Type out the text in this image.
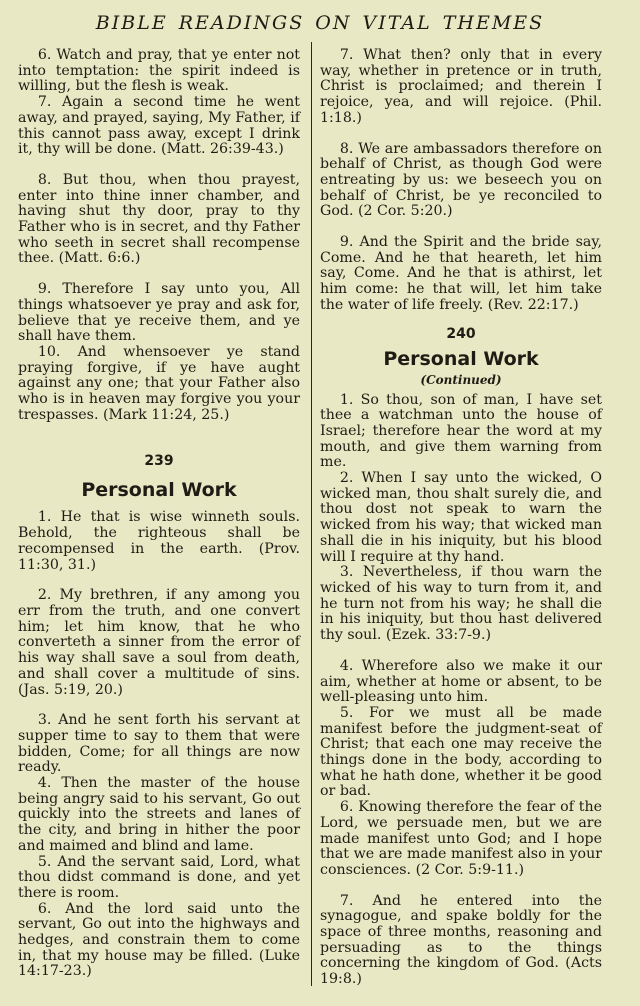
BIBLE READINGS ON VITAL THEMES

6. Watch and pray, that ye enter not into temptation: the spirit indeed is willing, but the flesh is weak.

7. Again a second time he went away, and prayed, saying, My Father, if this cannot pass away, except I drink it, thy will be done. (Matt. 26:39-43.)

8. But thou, when thou prayest, enter into thine inner chamber, and having shut thy door, pray to thy Father who is in secret, and thy Father who seeth in secret shall recompense thee. (Matt. 6:6.)

9. Therefore I say unto you, All things whatsoever ye pray and ask for, believe that ye receive them, and ye shall have them.

10. And whensoever ye stand praying forgive, if ye have aught against any one; that your Father also who is in heaven may forgive you your trespasses. (Mark 11:24, 25.)

239
Personal Work

1. He that is wise winneth souls. Behold, the righteous shall be recompensed in the earth. (Prov. 11:30, 31.)

2. My brethren, if any among you err from the truth, and one convert him; let him know, that he who converteth a sinner from the error of his way shall save a soul from death, and shall cover a multitude of sins. (Jas. 5:19, 20.)

3. And he sent forth his servant at supper time to say to them that were bidden, Come; for all things are now ready.

4. Then the master of the house being angry said to his servant, Go out quickly into the streets and lanes of the city, and bring in hither the poor and maimed and blind and lame.

5. And the servant said, Lord, what thou didst command is done, and yet there is room.

6. And the lord said unto the servant, Go out into the highways and hedges, and constrain them to come in, that my house may be filled. (Luke 14:17-23.)

7. What then? only that in every way, whether in pretence or in truth, Christ is proclaimed; and therein I rejoice, yea, and will rejoice. (Phil. 1:18.)

8. We are ambassadors therefore on behalf of Christ, as though God were entreating by us: we beseech you on behalf of Christ, be ye reconciled to God. (2 Cor. 5:20.)

9. And the Spirit and the bride say, Come. And he that heareth, let him say, Come. And he that is athirst, let him come: he that will, let him take the water of life freely. (Rev. 22:17.)

240
Personal Work
(Continued)

1. So thou, son of man, I have set thee a watchman unto the house of Israel; therefore hear the word at my mouth, and give them warning from me.

2. When I say unto the wicked, O wicked man, thou shalt surely die, and thou dost not speak to warn the wicked from his way; that wicked man shall die in his iniquity, but his blood will I require at thy hand.

3. Nevertheless, if thou warn the wicked of his way to turn from it, and he turn not from his way; he shall die in his iniquity, but thou hast delivered thy soul. (Ezek. 33:7-9.)

4. Wherefore also we make it our aim, whether at home or absent, to be well-pleasing unto him.

5. For we must all be made manifest before the judgment-seat of Christ; that each one may receive the things done in the body, according to what he hath done, whether it be good or bad.

6. Knowing therefore the fear of the Lord, we persuade men, but we are made manifest unto God; and I hope that we are made manifest also in your consciences. (2 Cor. 5:9-11.)

7. And he entered into the synagogue, and spake boldly for the space of three months, reasoning and persuading as to the things concerning the kingdom of God. (Acts 19:8.)
